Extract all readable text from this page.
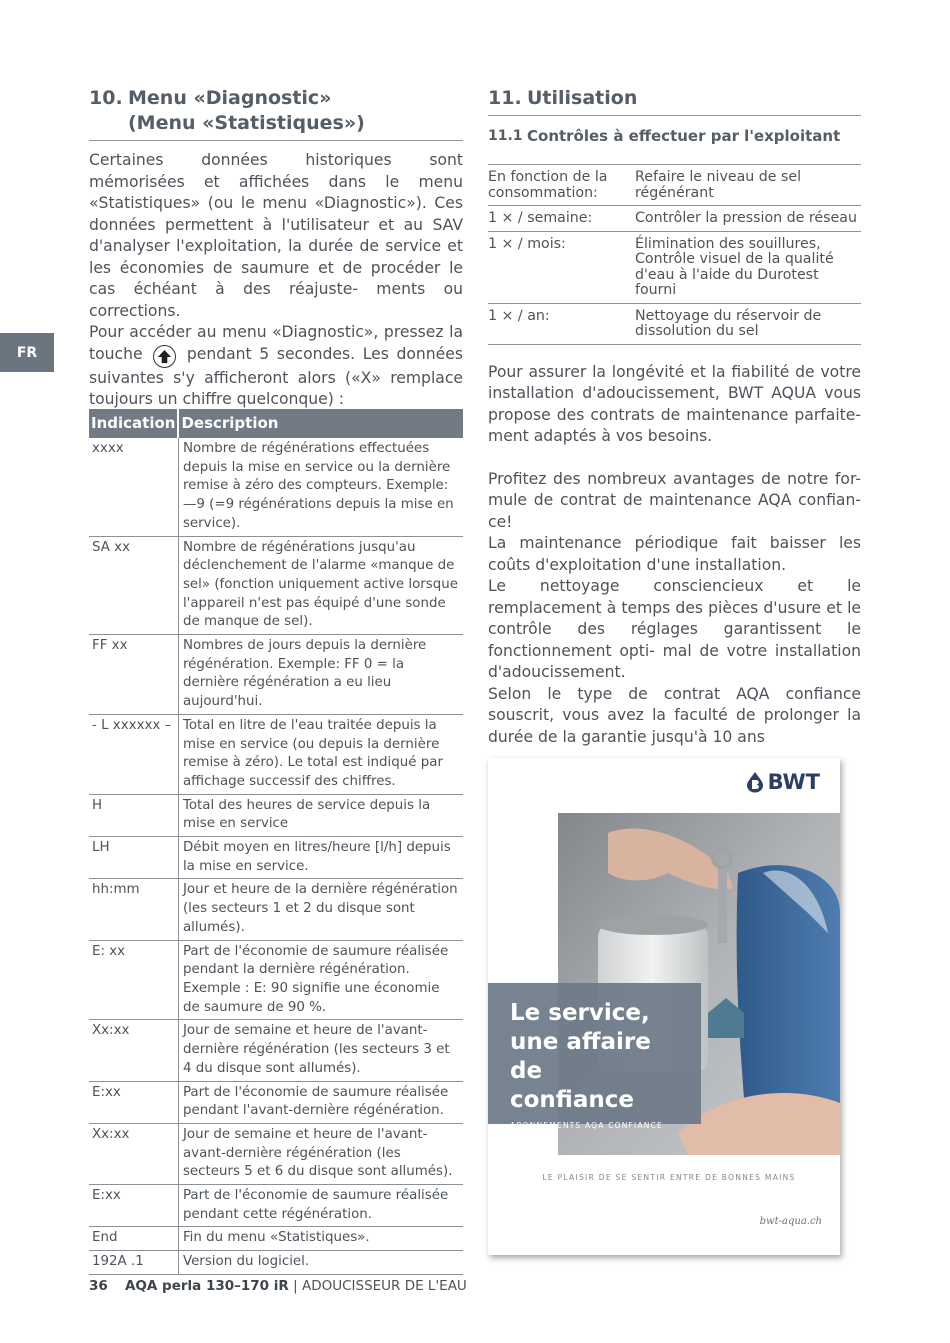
FR
10. Menu «Diagnostic»
(Menu «Statistiques»)

Certaines données historiques sont mémorisées et affichées dans le menu «Statistiques» (ou le menu «Diagnostic»). Ces données permettent à l'utilisateur et au SAV d'analyser l'exploitation, la durée de service et les économies de saumure et de procéder le cas échéant à des réajuste- ments ou corrections.

Pour accéder au menu «Diagnostic», pressez la touche	pendant 5 secondes. Les données suivantes s'y afficheront alors («X» remplace toujours un chiffre quelconque) :

Indication	Description
xxxx	Nombre de régénérations effectuées depuis la mise en service ou la dernière remise à zéro des compteurs. Exemple: —9 (=9 régénérations depuis la mise en service).
SA xx	Nombre de régénérations jusqu'au déclenchement de l'alarme «manque de sel» (fonction uniquement active lorsque l'appareil n'est pas équipé d'une sonde de manque de sel).
FF xx	Nombres de jours depuis la dernière régénération. Exemple: FF 0 = la dernière régénération a eu lieu aujourd'hui.
- L xxxxxx –	Total en litre de l'eau traitée depuis la mise en service (ou depuis la dernière remise à zéro). Le total est indiqué par affichage successif des chiffres.
H	Total des heures de service depuis la mise en service
LH	Débit moyen en litres/heure [l/h] depuis la mise en service.
hh:mm	Jour et heure de la dernière régénération (les secteurs 1 et 2 du disque sont allumés).
E: xx	Part de l'économie de saumure réalisée pendant la dernière régénération. Exemple : E: 90 signifie une économie de saumure de 90 %.
Xx:xx	Jour de semaine et heure de l'avant-dernière régénération (les secteurs 3 et 4 du disque sont allumés).
E:xx	Part de l'économie de saumure réalisée pendant l'avant-dernière régénération.
Xx:xx	Jour de semaine et heure de l'avant-avant-dernière régénération (les secteurs 5 et 6 du disque sont allumés).
E:xx	Part de l'économie de saumure réalisée pendant cette régénération.
End	Fin du menu «Statistiques».
192A .1	Version du logiciel.
11. Utilisation
11.1 Contrôles à effectuer par l'exploitant
En fonction de la consommation:	Refaire le niveau de sel régénérant
1 × / semaine:	Contrôler la pression de réseau
1 × / mois:	Élimination des souillures, Contrôle visuel de la qualité d'eau à l'aide du Durotest fourni
1 × / an:	Nettoyage du réservoir de dissolution du sel

Pour assurer la longévité et la fiabilité de votre installation d'adoucissement, BWT AQUA vous propose des contrats de maintenance parfaite- ment adaptés à vos besoins.

Profitez des nombreux avantages de notre for- mule de contrat de maintenance AQA confian- ce!

La maintenance périodique fait baisser les coûts d'exploitation d'une installation.

Le nettoyage consciencieux et le remplacement à temps des pièces d'usure et le contrôle des réglages garantissent le fonctionnement opti- mal de votre installation d'adoucissement.

Selon le type de contrat AQA confiance souscrit, vous avez la faculté de prolonger la durée de la garantie jusqu'à 10 ans

BWT
Le service,
une affaire de
confiance
ABONNEMENTS AQA CONFIANCE
LE PLAISIR DE SE SENTIR ENTRE DE BONNES MAINS
bwt-aqua.ch
36 AQA perla 130–170 iR | ADOUCISSEUR DE L'EAU
